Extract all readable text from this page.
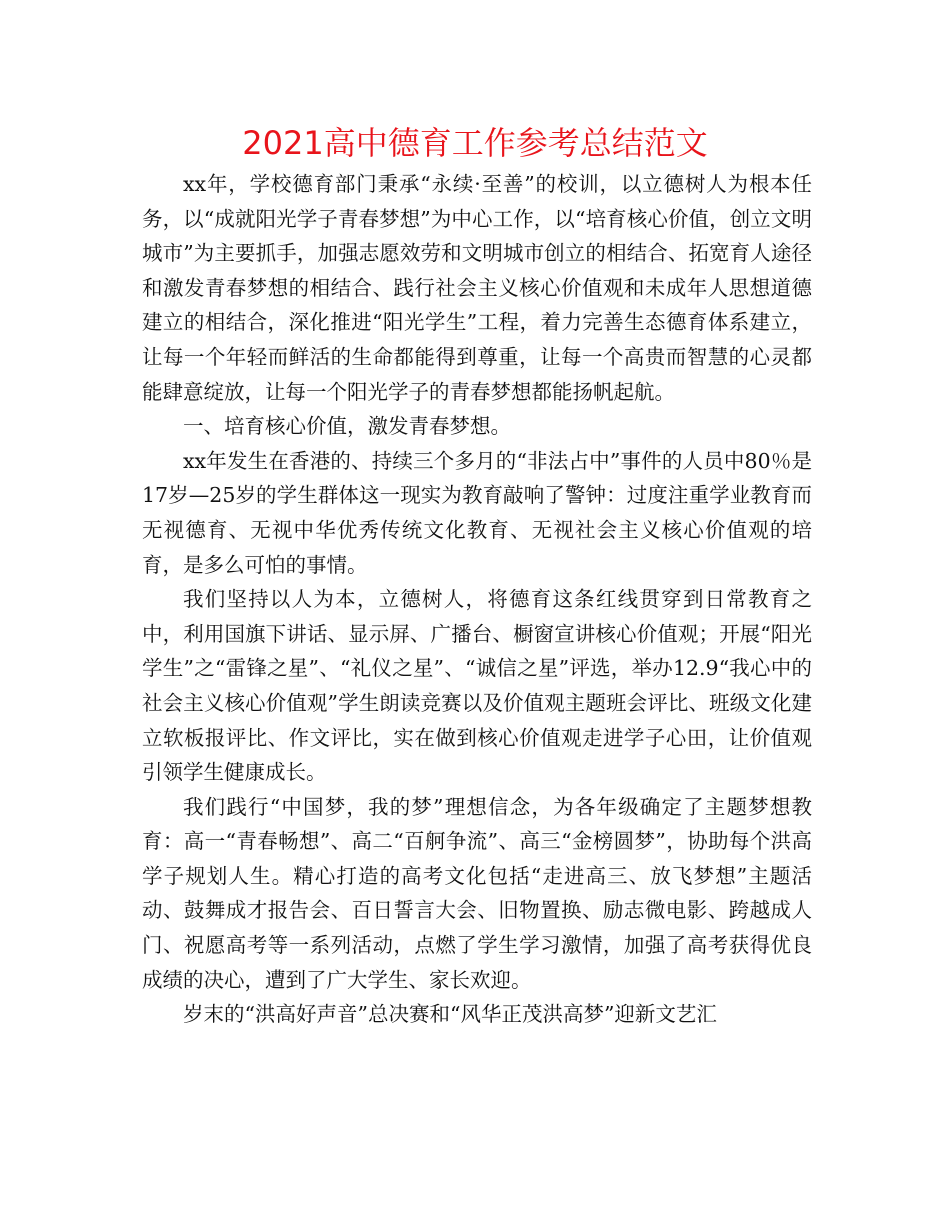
2021高中德育工作参考总结范文

xx年，学校德育部门秉承“永续·至善”的校训，以立德树人为根本任务，以“成就阳光学子青春梦想”为中心工作，以“培育核心价值，创立文明城市”为主要抓手，加强志愿效劳和文明城市创立的相结合、拓宽育人途径和激发青春梦想的相结合、践行社会主义核心价值观和未成年人思想道德建立的相结合，深化推进“阳光学生”工程，着力完善生态德育体系建立，让每一个年轻而鲜活的生命都能得到尊重，让每一个高贵而智慧的心灵都能肆意绽放，让每一个阳光学子的青春梦想都能扬帆起航。

一、培育核心价值，激发青春梦想。

xx年发生在香港的、持续三个多月的“非法占中”事件的人员中80％是17岁—25岁的学生群体这一现实为教育敲响了警钟：过度注重学业教育而无视德育、无视中华优秀传统文化教育、无视社会主义核心价值观的培育，是多么可怕的事情。

我们坚持以人为本，立德树人，将德育这条红线贯穿到日常教育之中，利用国旗下讲话、显示屏、广播台、橱窗宣讲核心价值观；开展“阳光学生”之“雷锋之星”、“礼仪之星”、“诚信之星”评选，举办12.9“我心中的社会主义核心价值观”学生朗读竞赛以及价值观主题班会评比、班级文化建立软板报评比、作文评比，实在做到核心价值观走进学子心田，让价值观引领学生健康成长。

我们践行“中国梦，我的梦”理想信念，为各年级确定了主题梦想教育：高一“青春畅想”、高二“百舸争流”、高三“金榜圆梦”，协助每个洪高学子规划人生。精心打造的高考文化包括“走进高三、放飞梦想”主题活动、鼓舞成才报告会、百日誓言大会、旧物置换、励志微电影、跨越成人门、祝愿高考等一系列活动，点燃了学生学习激情，加强了高考获得优良成绩的决心，遭到了广大学生、家长欢迎。

岁末的“洪高好声音”总决赛和“风华正茂洪高梦”迎新文艺汇
